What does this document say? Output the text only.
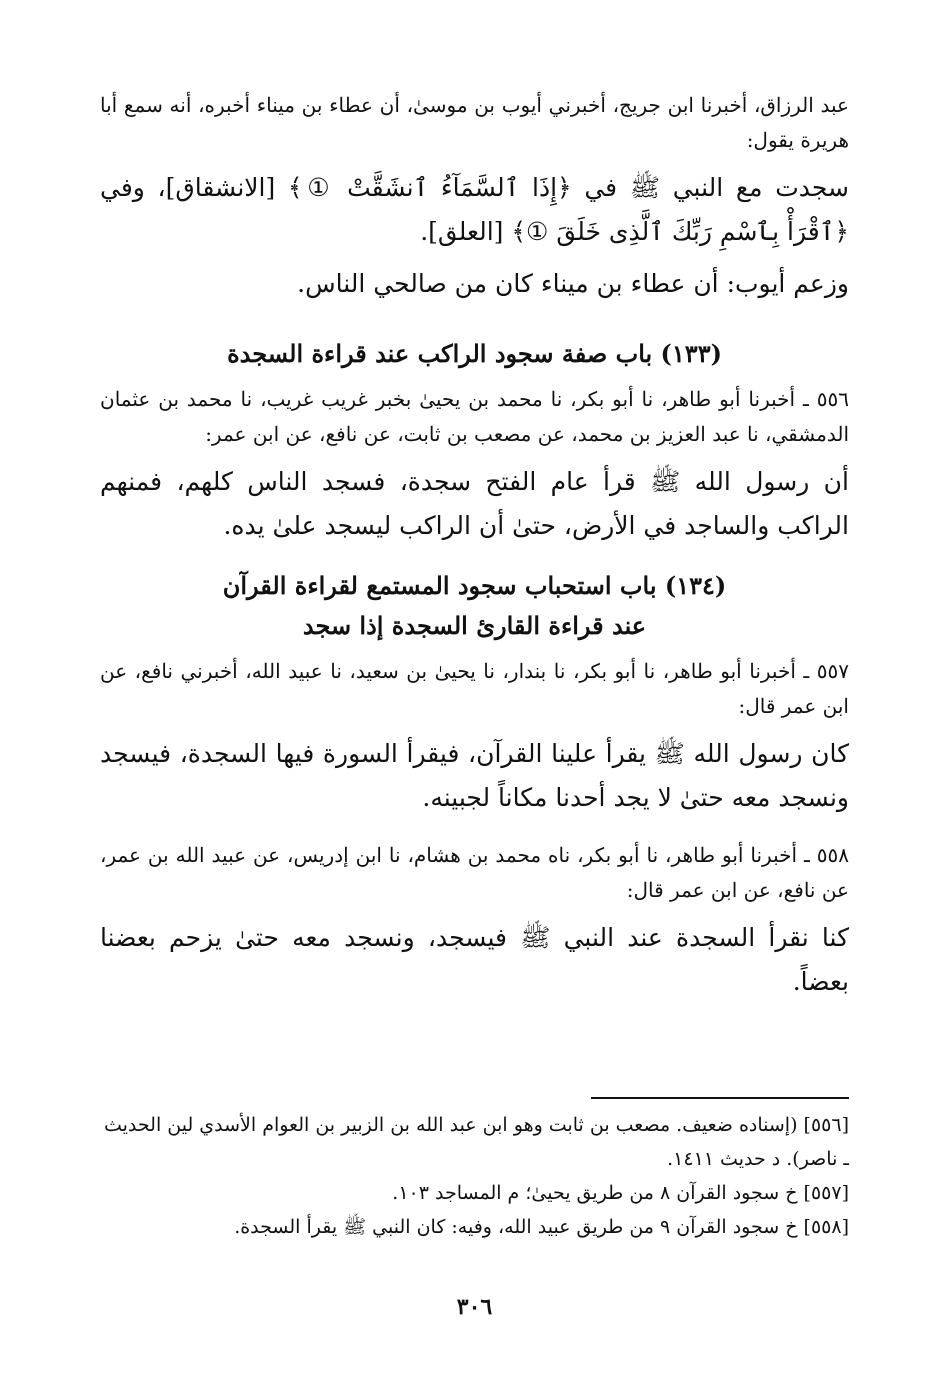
عبد الرزاق، أخبرنا ابن جريج، أخبرني أيوب بن موسىٰ، أن عطاء بن ميناء أخبره، أنه سمع أبا هريرة يقول:

سجدت مع النبي ﷺ في ﴿إِذَا ٱلسَّمَآءُ ٱنشَقَّتْ ①﴾ [الانشقاق]، وفي ﴿ٱقْرَأْ بِٱسْمِ رَبِّكَ ٱلَّذِى خَلَقَ ①﴾ [العلق].

وزعم أيوب: أن عطاء بن ميناء كان من صالحي الناس.

(١٣٣) باب صفة سجود الراكب عند قراءة السجدة

٥٥٦ ـ أخبرنا أبو طاهر، نا أبو بكر، نا محمد بن يحيىٰ بخبر غريب غريب، نا محمد بن عثمان الدمشقي، نا عبد العزيز بن محمد، عن مصعب بن ثابت، عن نافع، عن ابن عمر:

أن رسول الله ﷺ قرأ عام الفتح سجدة، فسجد الناس كلهم، فمنهم الراكب والساجد في الأرض، حتىٰ أن الراكب ليسجد علىٰ يده.

(١٣٤) باب استحباب سجود المستمع لقراءة القرآن

عند قراءة القارئ السجدة إذا سجد

٥٥٧ ـ أخبرنا أبو طاهر، نا أبو بكر، نا بندار، نا يحيىٰ بن سعيد، نا عبيد الله، أخبرني نافع، عن ابن عمر قال:

كان رسول الله ﷺ يقرأ علينا القرآن، فيقرأ السورة فيها السجدة، فيسجد ونسجد معه حتىٰ لا يجد أحدنا مكاناً لجبينه.

٥٥٨ ـ أخبرنا أبو طاهر، نا أبو بكر، ناه محمد بن هشام، نا ابن إدريس، عن عبيد الله بن عمر، عن نافع، عن ابن عمر قال:

كنا نقرأ السجدة عند النبي ﷺ فيسجد، ونسجد معه حتىٰ يزحم بعضنا بعضاً.

[٥٥٦] (إسناده ضعيف. مصعب بن ثابت وهو ابن عبد الله بن الزبير بن العوام الأسدي لين الحديث ـ ناصر). د حديث ١٤١١.

[٥٥٧] خ سجود القرآن ٨ من طريق يحيىٰ؛ م المساجد ١٠٣.

[٥٥٨] خ سجود القرآن ٩ من طريق عبيد الله، وفيه: كان النبي ﷺ يقرأ السجدة.

٣٠٦
